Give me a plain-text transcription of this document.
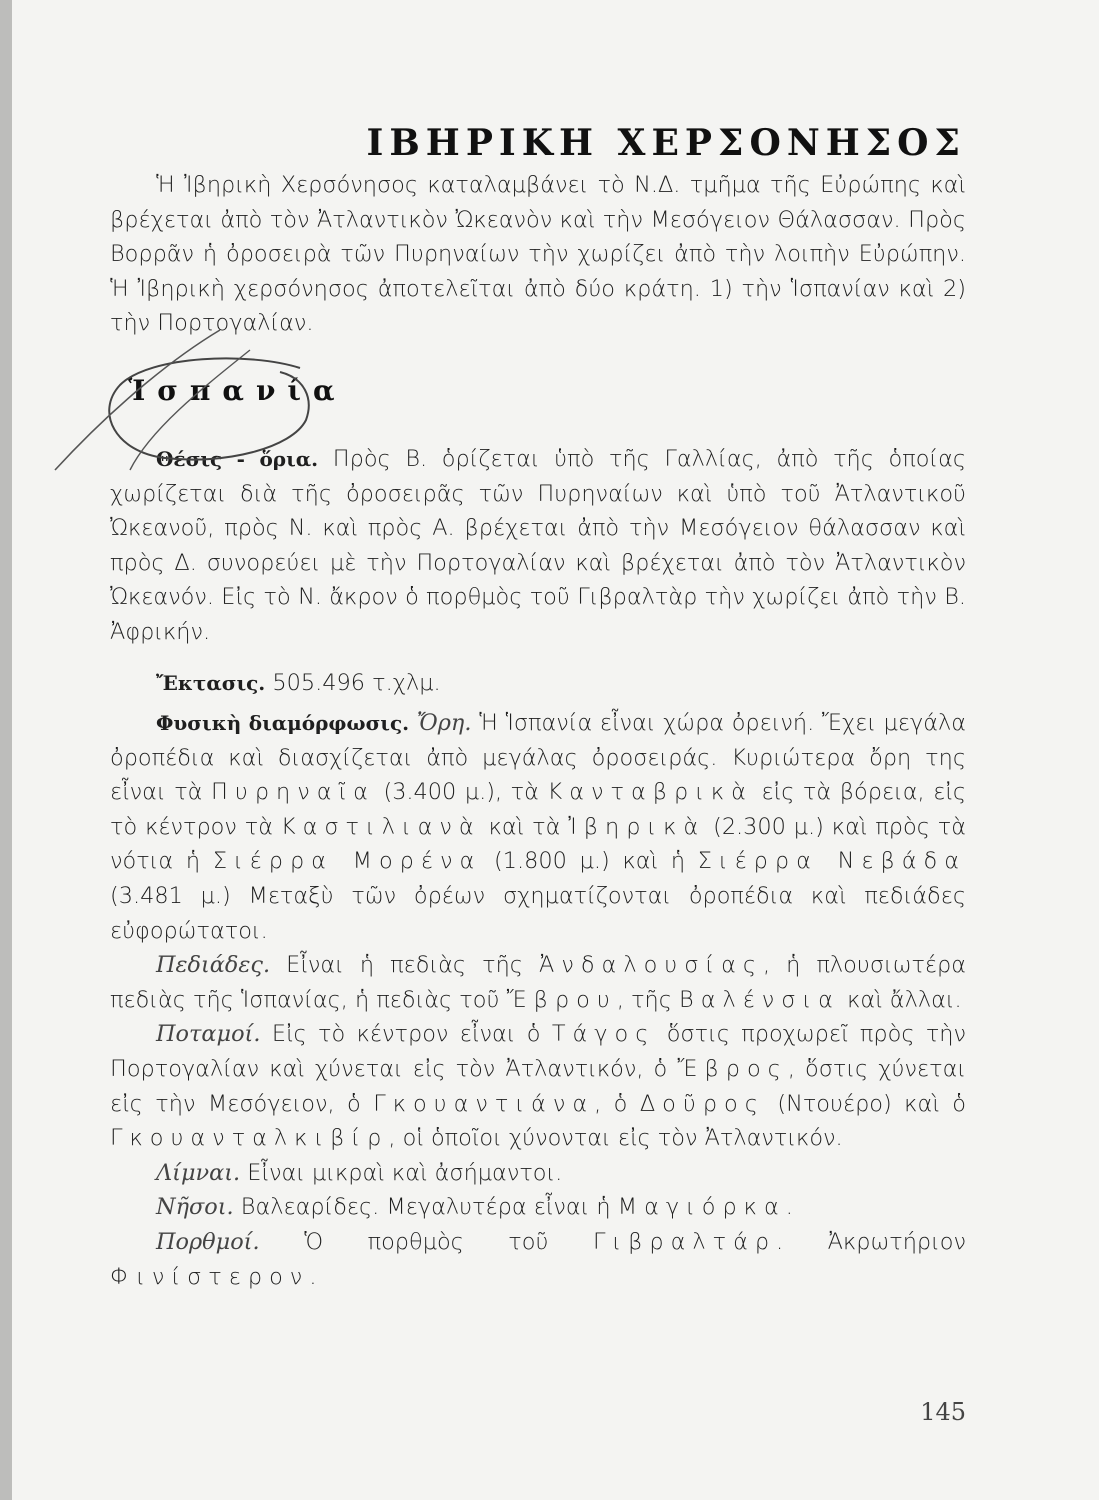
ΙΒΗΡΙΚΗ ΧΕΡΣΟΝΗΣΟΣ

Ἡ Ἰβηρικὴ Χερσόνησος καταλαμβάνει τὸ Ν.Δ. τμῆμα τῆς Εὐρώπης καὶ βρέχεται ἀπὸ τὸν Ἀτλαντικὸν Ὠκεανὸν καὶ τὴν Μεσόγειον Θάλασσαν. Πρὸς Βορρᾶν ἡ ὀροσειρὰ τῶν Πυρηναίων τὴν χωρίζει ἀπὸ τὴν λοιπὴν Εὐρώπην. Ἡ Ἰβηρικὴ χερσόνησος ἀποτελεῖται ἀπὸ δύο κράτη. 1) τὴν Ἱσπανίαν καὶ 2) τὴν Πορτογαλίαν.

Ἱσπανία

Θέσις - ὅρια. Πρὸς Β. ὁρίζεται ὑπὸ τῆς Γαλλίας, ἀπὸ τῆς ὁποίας χωρίζεται διὰ τῆς ὀροσειρᾶς τῶν Πυρηναίων καὶ ὑπὸ τοῦ Ἀτλαντικοῦ Ὠκεανοῦ, πρὸς Ν. καὶ πρὸς Α. βρέχεται ἀπὸ τὴν Μεσόγειον θάλασσαν καὶ πρὸς Δ. συνορεύει μὲ τὴν Πορτογαλίαν καὶ βρέχεται ἀπὸ τὸν Ἀτλαντικὸν Ὠκεανόν. Εἰς τὸ Ν. ἄκρον ὁ πορθμὸς τοῦ Γιβραλτὰρ τὴν χωρίζει ἀπὸ τὴν Β. Ἀφρικήν.

Ἔκτασις. 505.496 τ.χλμ.

Φυσικὴ διαμόρφωσις. Ὄρη. Ἡ Ἱσπανία εἶναι χώρα ὀρεινή. Ἔχει μεγάλα ὀροπέδια καὶ διασχίζεται ἀπὸ μεγάλας ὀροσειράς. Κυριώτερα ὄρη της εἶναι τὰ Πυρηναῖα (3.400 μ.), τὰ Κανταβρικὰ εἰς τὰ βόρεια, εἰς τὸ κέντρον τὰ Καστιλιανὰ καὶ τὰ Ἰβηρικὰ (2.300 μ.) καὶ πρὸς τὰ νότια ἡ Σιέρρα Μορένα (1.800 μ.) καὶ ἡ Σιέρρα Νεβάδα (3.481 μ.) Μεταξὺ τῶν ὀρέων σχηματίζονται ὀροπέδια καὶ πεδιάδες εὐφορώτατοι.

Πεδιάδες. Εἶναι ἡ πεδιὰς τῆς Ἀνδαλουσίας, ἡ πλουσιωτέρα πεδιὰς τῆς Ἱσπανίας, ἡ πεδιὰς τοῦ Ἔβρου, τῆς Βαλένσια καὶ ἄλλαι.

Ποταμοί. Εἰς τὸ κέντρον εἶναι ὁ Τάγος ὅστις προχωρεῖ πρὸς τὴν Πορτογαλίαν καὶ χύνεται εἰς τὸν Ἀτλαντικόν, ὁ Ἔβρος, ὅστις χύνεται εἰς τὴν Μεσόγειον, ὁ Γκουαντιάνα, ὁ Δοῦρος (Ντουέρο) καὶ ὁ Γκουανταλκιβίρ, οἱ ὁποῖοι χύνονται εἰς τὸν Ἀτλαντικόν.

Λίμναι. Εἶναι μικραὶ καὶ ἀσήμαντοι.

Νῆσοι. Βαλεαρίδες. Μεγαλυτέρα εἶναι ἡ Μαγιόρκα.

Πορθμοί. Ὁ πορθμὸς τοῦ Γιβραλτάρ. Ἀκρωτήριον Φινίστερον.

145
